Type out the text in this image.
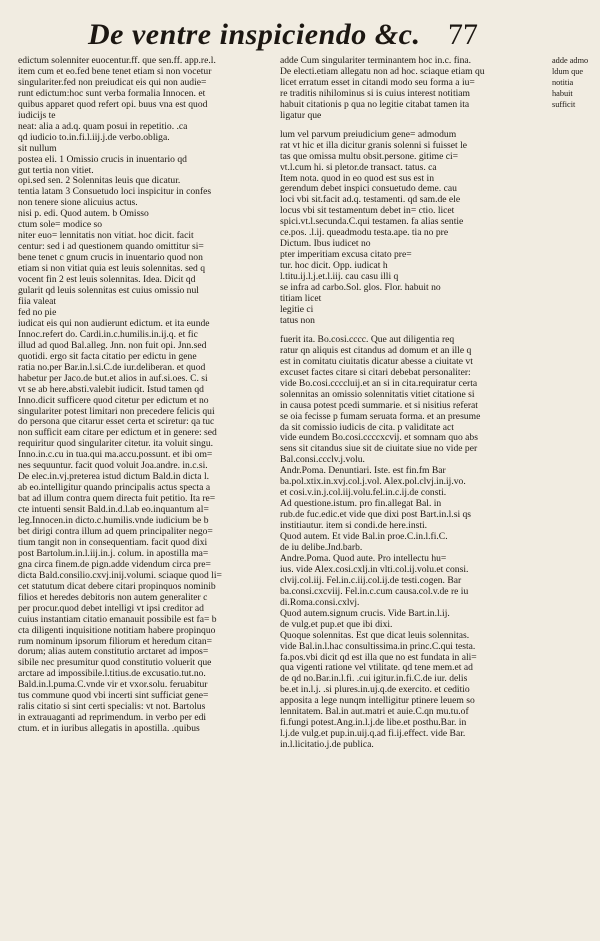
De ventre inspiciendo &c. 77
edictum solenniter euocentur.ff. que sen.ff. app.re.l.
item cum et eo.fed bene tenet etiam si non vocetur
singulariter.fed non preiudicat eis qui non audie=
runt edictum:hoc sunt verba formalia Innocen. et
quibus apparet quod refert opi. buus vna est quod
iudicijs te
neat: alia a ad.q. quam posui in repetitio. .ca
qd iudicio to.in.fi.l.iij.j.de verbo.obliga.
sit nullum
postea eli. 1 Omissio crucis in inuentario qd
gut tertia non vitiet.
opi.sed sen. 2 Solennitas leuis que dicatur.
tentia latam 3 Consuetudo loci inspicitur in confes
non tenere sione alicuius actus.
nisi p. edi. Quod autem. b Omisso
ctum sole= modice so
niter euo= lennitatis non vitiat. hoc dicit. facit
centur: sed i ad questionem quando omittitur si=
bene tenet c gnum crucis in inuentario quod non
etiam si non vitiat quia est leuis solennitas. sed q
vocent fin 2 est leuis solennitas. Idea. Dicit qd
gularit qd leuis solennitas est cuius omissio nul
fiia valeat
fed no pie
iudicat eis qui non audierunt edictum. et ita eunde
Innoc.refert do. Cardi.in.c.humilis.in.ij.q. et fic
illud ad quod Bal.alleg. Jnn. non fuit opi. Jnn.sed
quotidi. ergo sit facta citatio per edictu in gene
ratia no.per Bar.in.l.si.C.de iur.deliberan. et quod
habetur per Jaco.de but.et alios in auf.si.oes. C. si
vt se ab here.absti.valebit iudicit. Istud tamen qd
Inno.dicit sufficere quod citetur per edictum et no
singulariter potest limitari non precedere felicis qui
do persona que citarur esset certa et sciretur: qa tuc
non sufficit eam citare per edictum et in genere: sed
requiritur quod singulariter citetur. ita voluit singu.
Inno.in.c.cu in tua.qui ma.accu.possunt. et ibi om=
nes sequuntur. facit quod voluit Joa.andre. in.c.si.
De elec.in.vj.preterea istud dictum Bald.in dicta l.
ab eo.intelligitur quando principalis actus specta a
bat ad illum contra quem directa fuit petitio. Ita re=
cte intuenti sensit Bald.in.d.l.ab eo.inquantum al=
leg.Innocen.in dicto.c.humilis.vnde iudicium be b
bet dirigi contra illum ad quem principaliter nego=
tium tangit non in consequentiam. facit quod dixi
post Bartolum.in.l.iij.in.j. colum. in apostilla ma=
gna circa finem.de pign.adde videndum circa pre=
dicta Bald.consilio.cxvj.inij.volumi. sciaque quod li=
cet statutum dicat debere citari propinquos nominib
filios et heredes debitoris non autem generaliter c
per procur.quod debet intelligi vt ipsi creditor ad
cuius instantiam citatio emanauit possibile est fa= b
cta diligenti inquisitione notitiam habere propinquo
rum nominum ipsorum filiorum et heredum citan=
dorum; alias autem constitutio arctaret ad impos=
sibile nec presumitur quod constitutio voluerit que
arctare ad impossibile.l.titius.de excusatio.tut.no.
Bald.in.l.puma.C.vnde vir et vxor.solu. feruabitur
tus commune quod vbi incerti sint sufficiat gene=
ralis citatio si sint certi specialis: vt not. Bartolus
in extrauaganti ad reprimendum. in verbo per edi
ctum. et in iuribus allegatis in apostilla. .quibus
adde Cum singulariter terminantem hoc in.c. fina.
De electi.etiam allegatu non ad hoc. sciaque etiam qu
licet erratum esset in citandi modo seu forma a iu=
re traditis nihilominus si is cuius interest notitiam
habuit citationis p qua no legitie citabat tamen ita
ligatur que
lum vel parvum preiudicium gene= admodum
rat vt hic et illa dicitur granis solenni si fuisset le
tas que omissa multu obsit.persone. gitime ci=
vt.l.cum hi. si pletor.de transact. tatus. ca
Item nota. quod in eo quod est sus est in
gerendum debet inspici consuetudo deme. cau
loci vbi sit.facit ad.q. testamenti. qd sam.de ele
locus vbi sit testamentum debet in= ctio. licet
spici.vt.l.secunda.C.qui testamen. fa alias sentie
ce.pos. .l.ij. queadmodu testa.ape. tia no pre
Dictum. Ibus iudicet no
pter imperitiam excusa citato pre=
tur. hoc dicit. Opp. iudicat h
l.titu.ij.l.j.et.l.iij. cau casu illi q
se infra ad carbo.Sol. glos. Flor. habuit no
titiam licet
legitie ci
tatus non
fuerit ita. Bo.cosi.cccc. Que aut diligentia req
ratur qn aliquis est citandus ad domum et an ille q
est in comitatu ciuitatis dicatur abesse a ciuitate vt
excuset factes citare si citari debebat personaliter:
vide Bo.cosi.ccccluij.et an si in cita.requiratur certa
solennitas an omissio solennitatis vitiet citatione si
in causa potest pcedi summarie. et si nisitius referat
se oia fecisse p fumam seruata forma. et an presume
da sit comissio iudicis de cita. p validitate act
vide eundem Bo.cosi.ccccxcvij. et somnam quo abs
sens sit citandus siue sit de ciuitate siue no vide per
Bal.consi.ccclv.j.volu.
Andr.Poma. Denuntiari. Iste. est fin.fm Bar
ba.pol.xtix.in.xvj.col.j.vol. Alex.pol.clvj.in.ij.vo.
et cosi.v.in.j.col.iij.volu.fel.in.c.ij.de consti.
Ad questione.istum. pro fin.allegat Bal. in
rub.de fuc.edic.et vide que dixi post Bart.in.l.si qs
institiautur. item si condi.de here.insti.
Quod autem. Et vide Bal.in proe.C.in.l.fi.C.
de iu delibe.Jnd.barb.
Andre.Poma. Quod aute. Pro intellectu hu=
ius. vide Alex.cosi.cxlj.in vlti.col.ij.volu.et consi.
clvij.col.iij. Fel.in.c.iij.col.ij.de testi.cogen. Bar
ba.consi.cxcviij. Fel.in.c.cum causa.col.v.de re iu
di.Roma.consi.cxlvj.
Quod autem.signum crucis. Vide Bart.in.l.ij.
de vulg.et pup.et que ibi dixi.
Quoque solennitas. Est que dicat leuis solennitas.
vide Bal.in.l.hac consultissima.in princ.C.qui testa.
fa.pos.vbi dicit qd est illa que no est fundata in ali=
qua vigenti ratione vel vtilitate. qd tene mem.et ad
de qd no.Bar.in.l.fi. .cui igitur.in.fi.C.de iur. delis
be.et in.l.j. .si plures.in.uj.q.de exercito. et ceditio
apposita a lege nunqm intelligitur ptinere leuem so
lennitatem. Bal.in aut.matri et auie.C.qn mu.tu.of
fi.fungi potest.Ang.in.l.j.de libe.et posthu.Bar. in
l.j.de vulg.et pup.in.uij.q.ad fi.ij.effect. vide Bar.
in.l.licitatio.j.de publica.
adde admo
ldum que
notitia
habuit
sufficit
